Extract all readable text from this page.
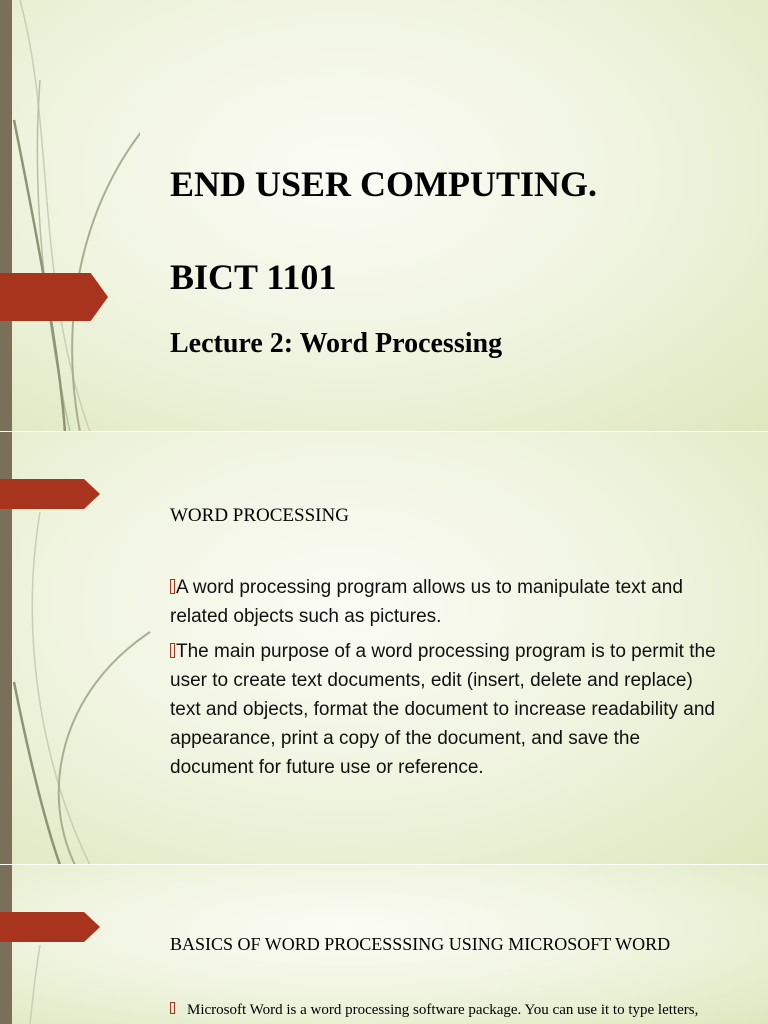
END USER COMPUTING.
BICT 1101
Lecture 2: Word Processing
WORD PROCESSING
A word processing program allows us to manipulate text and related objects such as pictures.
The main purpose of a word processing program is to permit the user to create text documents, edit (insert, delete and replace) text and objects, format the document to increase readability and appearance, print a copy of the document, and save the document for future use or reference.
BASICS OF WORD PROCESSSING USING MICROSOFT WORD

Microsoft Word is a word processing software package. You can use it to type letters,
